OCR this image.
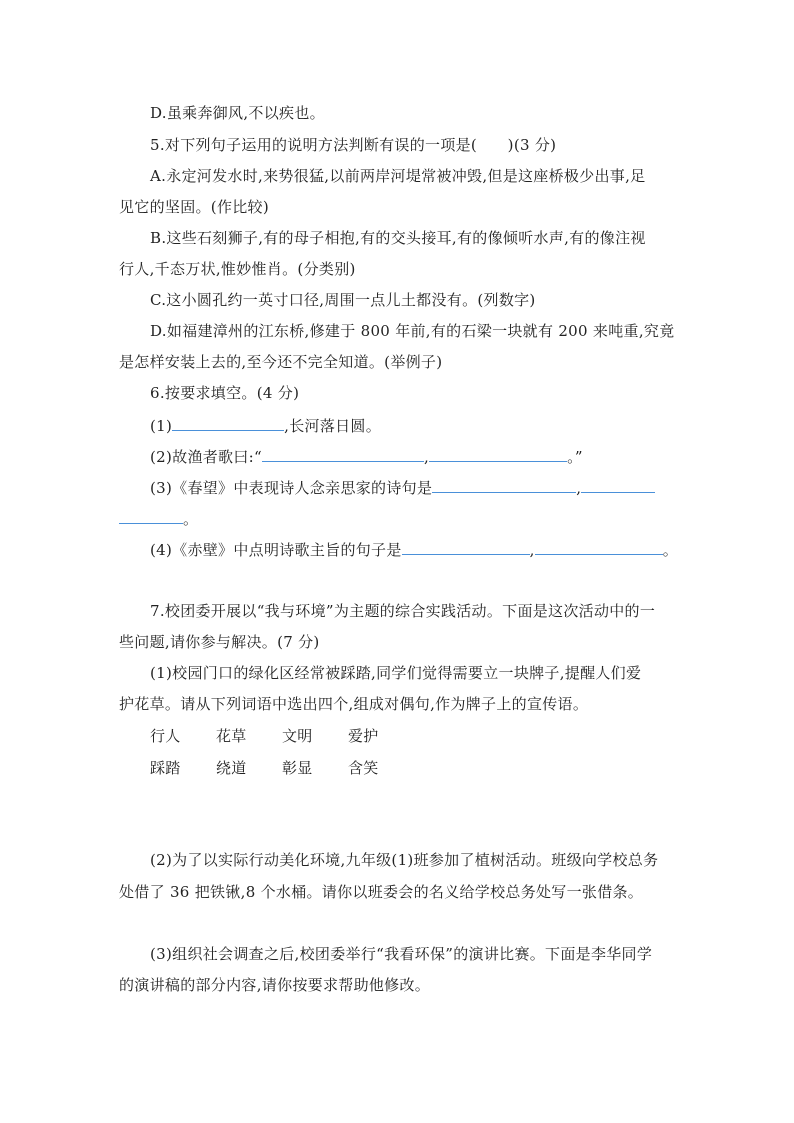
D.虽乘奔御风,不以疾也。
5.对下列句子运用的说明方法判断有误的一项是(　　)(3 分)
A.永定河发水时,来势很猛,以前两岸河堤常被冲毁,但是这座桥极少出事,足
见它的坚固。(作比较)
B.这些石刻狮子,有的母子相抱,有的交头接耳,有的像倾听水声,有的像注视
行人,千态万状,惟妙惟肖。(分类别)
C.这小圆孔约一英寸口径,周围一点儿土都没有。(列数字)
D.如福建漳州的江东桥,修建于 800 年前,有的石梁一块就有 200 来吨重,究竟
是怎样安装上去的,至今还不完全知道。(举例子)
6.按要求填空。(4 分)
(1)	,长河落日圆。
(2)故渔者歌曰:“	,	。”
(3)《春望》中表现诗人念亲思家的诗句是	,
。
(4)《赤壁》中点明诗歌主旨的句子是	,	。
7.校团委开展以“我与环境”为主题的综合实践活动。下面是这次活动中的一
些问题,请你参与解决。(7 分)
(1)校园门口的绿化区经常被踩踏,同学们觉得需要立一块牌子,提醒人们爱
护花草。请从下列词语中选出四个,组成对偶句,作为牌子上的宣传语。
行人 花草 文明 爱护
踩踏 绕道 彰显 含笑
(2)为了以实际行动美化环境,九年级(1)班参加了植树活动。班级向学校总务
处借了 36 把铁锹,8 个水桶。请你以班委会的名义给学校总务处写一张借条。
(3)组织社会调查之后,校团委举行“我看环保”的演讲比赛。下面是李华同学
的演讲稿的部分内容,请你按要求帮助他修改。
